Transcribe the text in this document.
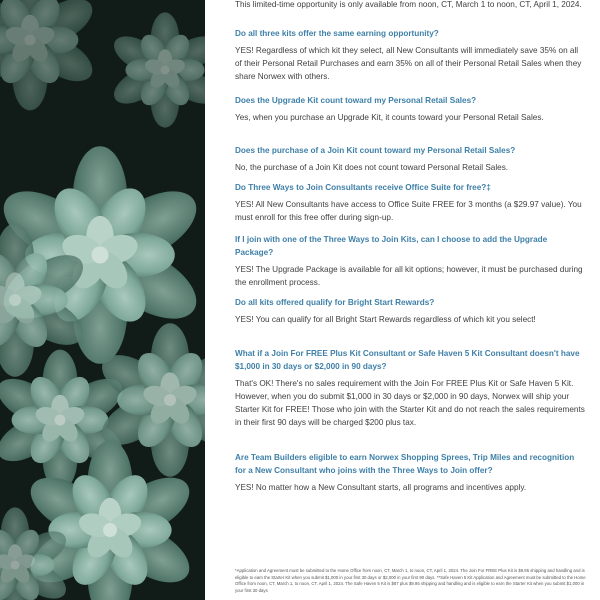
This limited-time opportunity is only available from noon, CT, March 1 to noon, CT, April 1, 2024.

Do all three kits offer the same earning opportunity?

YES! Regardless of which kit they select, all New Consultants will immediately save 35% on all of their Personal Retail Purchases and earn 35% on all of their Personal Retail Sales when they share Norwex with others.

Does the Upgrade Kit count toward my Personal Retail Sales?

Yes, when you purchase an Upgrade Kit, it counts toward your Personal Retail Sales.

Does the purchase of a Join Kit count toward my Personal Retail Sales?

No, the purchase of a Join Kit does not count toward Personal Retail Sales.

Do Three Ways to Join Consultants receive Office Suite for free?‡

YES! All New Consultants have access to Office Suite FREE for 3 months (a $29.97 value). You must enroll for this free offer during sign-up.

If I join with one of the Three Ways to Join Kits, can I choose to add the Upgrade Package?

YES! The Upgrade Package is available for all kit options; however, it must be purchased during the enrollment process.

Do all kits offered qualify for Bright Start Rewards?

YES! You can qualify for all Bright Start Rewards regardless of which kit you select!

What if a Join For FREE Plus Kit Consultant or Safe Haven 5 Kit Consultant doesn't have $1,000 in 30 days or $2,000 in 90 days?

That's OK! There's no sales requirement with the Join For FREE Plus Kit or Safe Haven 5 Kit. However, when you do submit $1,000 in 30 days or $2,000 in 90 days, Norwex will ship your Starter Kit for FREE! Those who join with the Starter Kit and do not reach the sales requirements in their first 90 days will be charged $200 plus tax.

Are Team Builders eligible to earn Norwex Shopping Sprees, Trip Miles and recognition for a New Consultant who joins with the Three Ways to Join offer?

YES! No matter how a New Consultant starts, all programs and incentives apply.

*Application and Agreement must be submitted to the Home Office from noon, CT, March 1, to noon, CT, April 1, 2024. The Join For FREE Plus Kit is $9.95 shipping and handling and is eligible to earn the Starter Kit when you submit $1,000 in your first 30 days or $2,000 in your first 90 days. **Safe Haven 5 Kit Application and Agreement must be submitted to the Home Office from noon, CT, March 1, to noon, CT, April 1, 2024. The Safe Haven 5 Kit is $87 plus $9.95 shipping and handling and is eligible to earn the Starter Kit when you submit $1,000 in your first 30 days
